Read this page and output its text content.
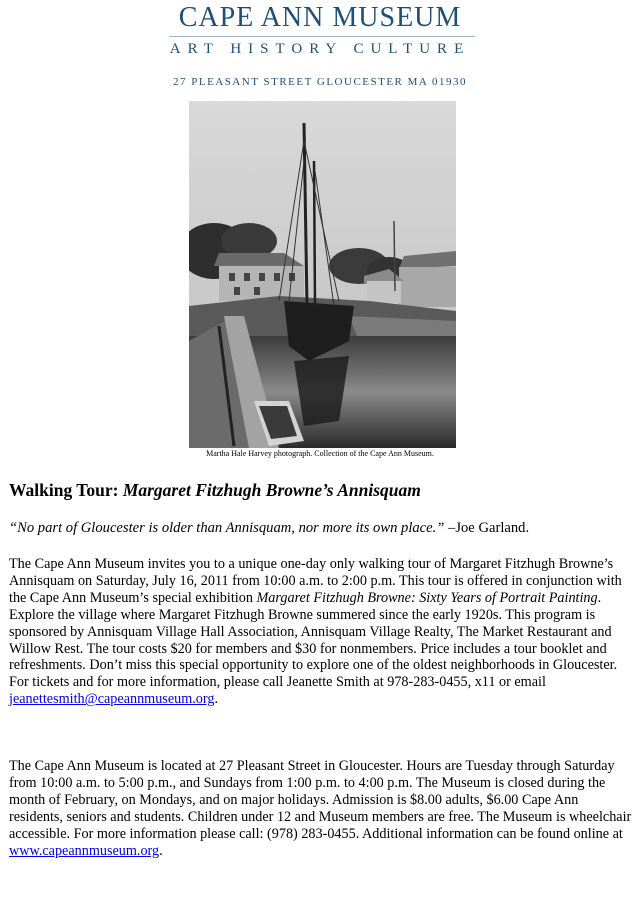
CAPE ANN MUSEUM
ART HISTORY CULTURE
27 PLEASANT STREET GLOUCESTER MA 01930
Martha Hale Harvey photograph. Collection of the Cape Ann Museum.
Walking Tour: Margaret Fitzhugh Browne’s Annisquam
“No part of Gloucester is older than Annisquam, nor more its own place.” –Joe Garland.
The Cape Ann Museum invites you to a unique one-day only walking tour of Margaret Fitzhugh Browne’s Annisquam on Saturday, July 16, 2011 from 10:00 a.m. to 2:00 p.m. This tour is offered in conjunction with the Cape Ann Museum’s special exhibition Margaret Fitzhugh Browne: Sixty Years of Portrait Painting. Explore the village where Margaret Fitzhugh Browne summered since the early 1920s. This program is sponsored by Annisquam Village Hall Association, Annisquam Village Realty, The Market Restaurant and Willow Rest. The tour costs $20 for members and $30 for nonmembers. Price includes a tour booklet and refreshments. Don’t miss this special opportunity to explore one of the oldest neighborhoods in Gloucester. For tickets and for more information, please call Jeanette Smith at 978-283-0455, x11 or email jeanettesmith@capeannmuseum.org.
The Cape Ann Museum is located at 27 Pleasant Street in Gloucester. Hours are Tuesday through Saturday from 10:00 a.m. to 5:00 p.m., and Sundays from 1:00 p.m. to 4:00 p.m. The Museum is closed during the month of February, on Mondays, and on major holidays. Admission is $8.00 adults, $6.00 Cape Ann residents, seniors and students. Children under 12 and Museum members are free. The Museum is wheelchair accessible. For more information please call: (978) 283-0455. Additional information can be found online at www.capeannmuseum.org.
